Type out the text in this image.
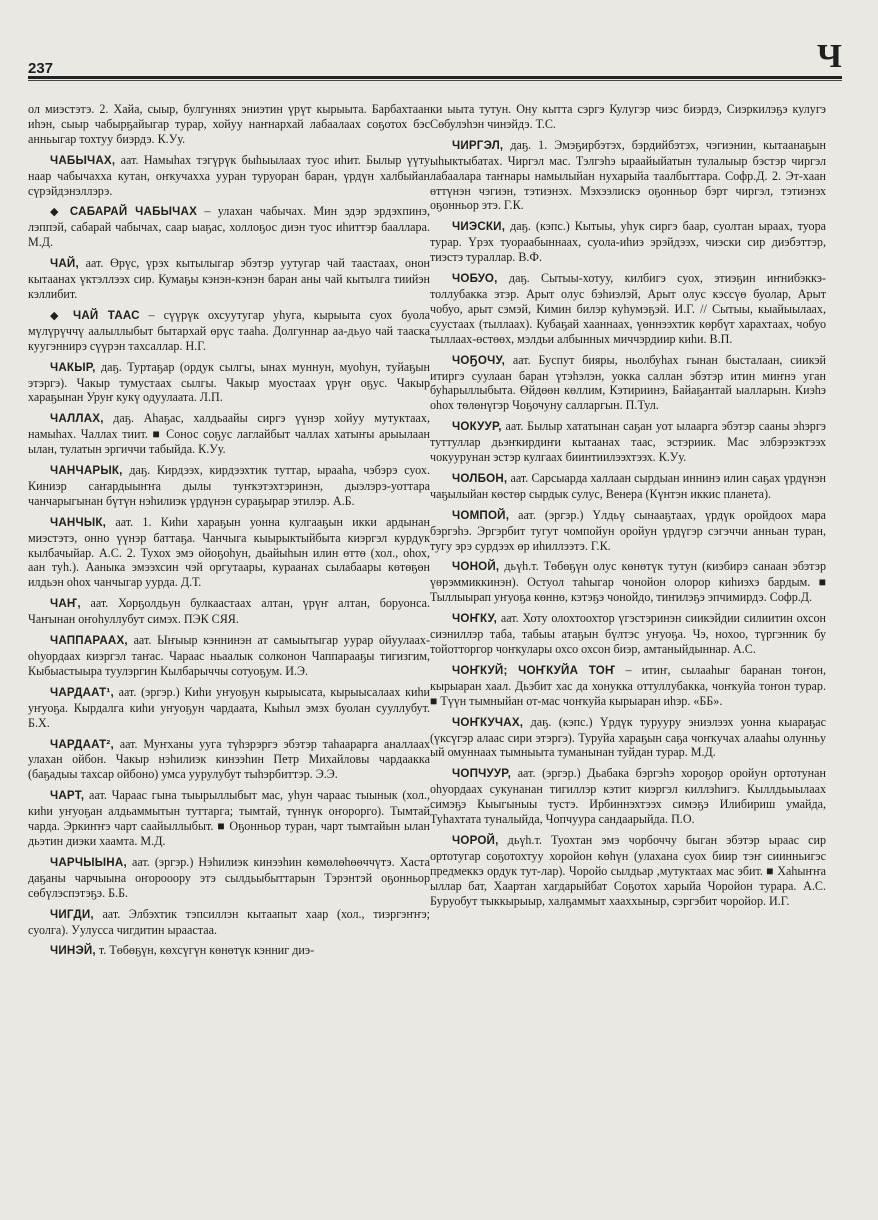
237	Ч

ол миэстэтэ. 2. Хайа, сыыр, булгуннях эниэтин үрүт кырыыта. Барбахтаан иһэн, сыыр чабырҕайыгар турар, хойуу наҥнархай лабаалаах соҕотох бэс анньыгар тохтуу биэрдэ. К.Уу.

ЧАБЫЧАХ, аат. Намыһах тэгүрүк быһыылаах туос иһит. Былыр үүту наар чабычахха кутан, оҥкучахха ууран туруоран баран, үрдүн халбыйан сүрэйдэнэллэрэ.

◆ САБАРАЙ ЧАБЫЧАХ – улахан чабычах. Мин эдэр эрдэхпинэ, лэппэй, сабарай чабычах, саар ыаҕас, холлоҕос диэн туос иһиттэр бааллара. М.Д.

ЧАЙ, аат. Өрүс, үрэх кытылыгар эбэтэр уутугар чай таастаах, онон кытаанах үктэллээх сир. Кумаҕы кэнэн-кэнэн баран аны чай кытылга тиийэн кэллибит.

◆ ЧАЙ ТААС – сүүрүк охсуутугар уһуга, кырыыта суох буола мүлүрүччү аалыллыбыт бытархай өрүс тааһа. Долгуннар аа-дьуо чай тааска куугэннирэ сүүрэн тахсаллар. Н.Г.

ЧАКЫР, даҕ. Туртаҕар (ордук сылгы, ынах муннун, муоһун, туйаҕын этэргэ). Чакыр тумустаах сылгы. Чакыр муостаах үрүҥ оҕус. Чакыр хараҕынан Уруҥ кукү одуулаата. Л.П.

ЧАЛЛАХ, даҕ. Аһаҕас, халдьаайы сиргэ үүнэр хойуу мутуктаах, намыһах. Чаллах тиит. ■ Сонос соҕус лаглайбыт чаллах хатыҥы арыылаан ылан, тулатын эргиччи табыйда. К.Уу.

ЧАНЧАРЫК, даҕ. Кирдээх, кирдээхтик туттар, ырааһа, чэбэрэ суох. Киниэр саҥардыыҥҥа дылы туҥкэтэхтэринэн, дыэлэрэ-уоттара чанчарыгынан бүтүн нэһилиэк үрдүнэн сураҕырар этилэр. А.Б.

ЧАНЧЫК, аат. 1. Киһи хараҕын уонна кулгааҕын икки ардынан миэстэтэ, онно үүнэр баттаҕа. Чанчыга кыырыктыйбыта киэргэл курдук кылбачыйар. А.С. 2. Тухох эмэ ойоҕоһун, дьайыһын илин өттө (хол., оһох, аан туһ.). Ааныка эмээхсин чэй оргутаары, кураанах сылабаары көтөҕөн илдьэн оһох чанчыгар уурда. Д.Т.

ЧАҤ, аат. Хорҕолдьун булкаастаах алтан, үрүҥ алтан, боруонса. Чаҥынан оҥоһуллубут симэх. ПЭК СЯЯ.

ЧАППАРААХ, аат. Ыҥыыр кэннинэн ат самыытыгар уурар ойуулаах-оһуордаах киэргэл таҥас. Чараас ньаалык солконон Чаппарааҕы тигизгим, Кыбыастыыра туулэргин Кылбарыччы сотуоҕум. И.Э.

ЧАРДААТ¹, аат. (эргэр.) Киһи уҥуоҕун кырыысата, кырыысалаах киһи уҥуоҕа. Кырдалга киһи уҥуоҕун чардаата, Кыһыл эмэх буолан сууллубут. Б.Х.

ЧАРДААТ², аат. Муҥханы ууга түһэрэргэ эбэтэр таһаарарга аналлаах улахан ойбон. Чакыр нэһилиэк кинээһин Петр Михайловы чардаакка (баҕадыы тахсар ойбоно) умса уурулубут тыһэрбиттэр. Э.Э.

ЧАРТ, аат. Чараас гына тыырыллыбыт мас, уһун чараас тыынык (хол., киһи уҥуоҕан алдьаммытын туттарга; тымтай, түннүк оҥорорго). Тымтай чарда. Эркиҥҥэ чарт саайыллыбыт. ■ Оҕонньор туран, чарт тымтайын ылан дьэтин диэки хаамта. М.Д.

ЧАРЧЫЫНА, аат. (эргэр.) Нэһилиэк кинээһин көмөлөһөөччүтэ. Хаста даҕаны чарчыына оҥорооору этэ сылдьыбыттарын Тэрэнтэй оҕонньор сөбүлэспэтэҕэ. Б.Б.

ЧИГДИ, аат. Элбэхтик тэпсиллэн кытаапыт хаар (хол., тиэргэҥҥэ; суолга). Уулусса чигдитин ыраастаа.

ЧИНЭЙ, т. Төбөҕүн, көхсүгүн көнөтүк кэнниг диэ-

ки ыыта тутун. Ону кытта сэргэ Кулугэр чиэс биэрдэ, Сиэркилэҕэ кулугэ Сөбулэһэн чинэйдэ. Т.С.

ЧИРГЭЛ, даҕ. 1. Эмэҕирбэтэх, бэрдийбэтэх, чэгиэнин, кытаанаҕын ыһыктыбатах. Чиргэл мас. Тэлгэһэ ыраайыйатын тулалыыр бэстэр чиргэл лабаалара таҥнары намылыйан нухарыйа таалбыттара. Софр.Д. 2. Эт-хаан өттүнэн чэгиэн, тэтиэнэх. Мэхээлискэ оҕонньор бэрт чиргэл, тэтиэнэх оҕонньор этэ. Г.К.

ЧИЭСКИ, даҕ. (кэпс.) Кытыы, уһук сиргэ баар, суолтан ыраах, туора турар. Үрэх туораабыннаах, суола-иһиэ эрэйдээх, чиэски сир диэбэттэр, тиэстэ тураллар. В.Ф.

ЧОБУО, даҕ. Сытыы-хотуу, килбигэ суох, этиэҕин иҥнибэккэ-толлубакка этэр. Арыт олус бэһиэлэй, Арыт олус кэссүө буолар, Арыт чобуо, арыт сэмэй, Кимин билэр куһумэҕэй. И.Г. // Сытыы, кыайыылаах, суустаах (тыллаах). Кубаҕай хааннаах, үөннээхтик көрбүт харахтаах, чобуо тыллаах-өстөөх, мэлдьи албынных миччэрдиир киһи. В.П.

ЧОҔОЧУ, аат. Буспут бияры, ньолбуһах гынан бысталаан, сиикэй итиргэ суулаан баран үтэһэлэн, уокка саллан эбэтэр итин миҥнэ уган буһарыллыбыта. Өйдөөн көллим, Кэтириинэ, Байаҕантай ыалларын. Киэһэ оһох төлөнүгэр Чоҕочуну салларгын. П.Тул.

ЧОКУУР, аат. Былыр хататынан саҕан уот ылаарга эбэтэр сааны эһэргэ туттуллар дьэҥкирдиҥи кытаанах таас, эстэриик. Мас элбэрээктээх чокуурунан эстэр кулгаах биинтиилээхтээх. К.Уу.

ЧОЛБОН, аат. Сарсыарда халлаан сырдыан иннинэ илин саҕах үрдүнэн чаҕылыйан көстөр сырдык сулус, Венера (Күнтэн иккис планета).

ЧОМПОЙ, аат. (эргэр.) Үлдьү сынааҕтаах, үрдүк оройдоох мара бэргэһэ. Эргэрбит тугут чомпойун оройун үрдүгэр сэгэччи анньан туран, тугу эрэ сурдээх өр иһиллээтэ. Г.К.

ЧОНОЙ, дьүһ.т. Төбөҕүн олус көнөтүк тутун (киэбирэ санаан эбэтэр үөрэммиккинэн). Остуол таһыгар чонойон олорор киһиэхэ бардым. ■ Тыллыырап уҥуоҕа көннө, кэтэҕэ чонойдо, тиҥилэҕэ эпчимирдэ. Софр.Д.

ЧОҤКУ, аат. Хоту олохтоохтор үгэстэринэн сиикэйдии силиитин охсон сиэниллэр таба, табыы атаҕын бүлтэс уҥуоҕа. Чэ, нохоо, түргэнник бу тойотторгор чоҥкулары охсо охсон биэр, амтаныйдыннар. А.С.

ЧОҤКУЙ; ЧОҤКУЙА ТОҤ – итиҥ, сылааһыг баранан тоҥон, кырыаран хаал. Дьэбит хас да хонукка оттуллубакка, чоҥкуйа тоҥон турар. ■ Түүн тымныйан от-мас чоҥкуйа кырыаран иһэр. «ББ».

ЧОҤКУЧАХ, даҕ. (кэпс.) Үрдүк турууру эниэлээх уонна кыараҕас (үксүгэр алаас сири этэргэ). Туруйа хараҕын саҕа чоҥкучах алааһы олунньу ый омуннаах тымныыта туманынан туйдан турар. М.Д.

ЧОПЧУУР, аат. (эргэр.) Дьабака бэргэһэ хороҕор оройун ортотунан оһуордаах сукунанан тигиллэр кэтит киэргэл киллэһигэ. Кыллдьыылаах симэҕэ Кыыгыныы тустэ. Ирбиннэхтээх симэҕэ Илибириш умайда, Туһахтата туналыйда, Чопчуура сандаарыйда. П.О.

ЧОРОЙ, дьүһ.т. Туохтан эмэ чорбоччу быган эбэтэр ыраас сир ортотугар соҕотохтуу хоройон көһүн (улахана суох биир тэҥ сиинньигэс предмеккэ ордук тут-лар). Чоройо сылдьар ,мутуктаах мас эбит. ■ Хаһыҥҥа ыллар бат, Хаартан хагдарыйбат Соҕотох харыйа Чоройон турара. А.С. Буруобут тыккырыыр, халҕаммыт хааххыныр, сэргэбит чоройор. И.Г.
